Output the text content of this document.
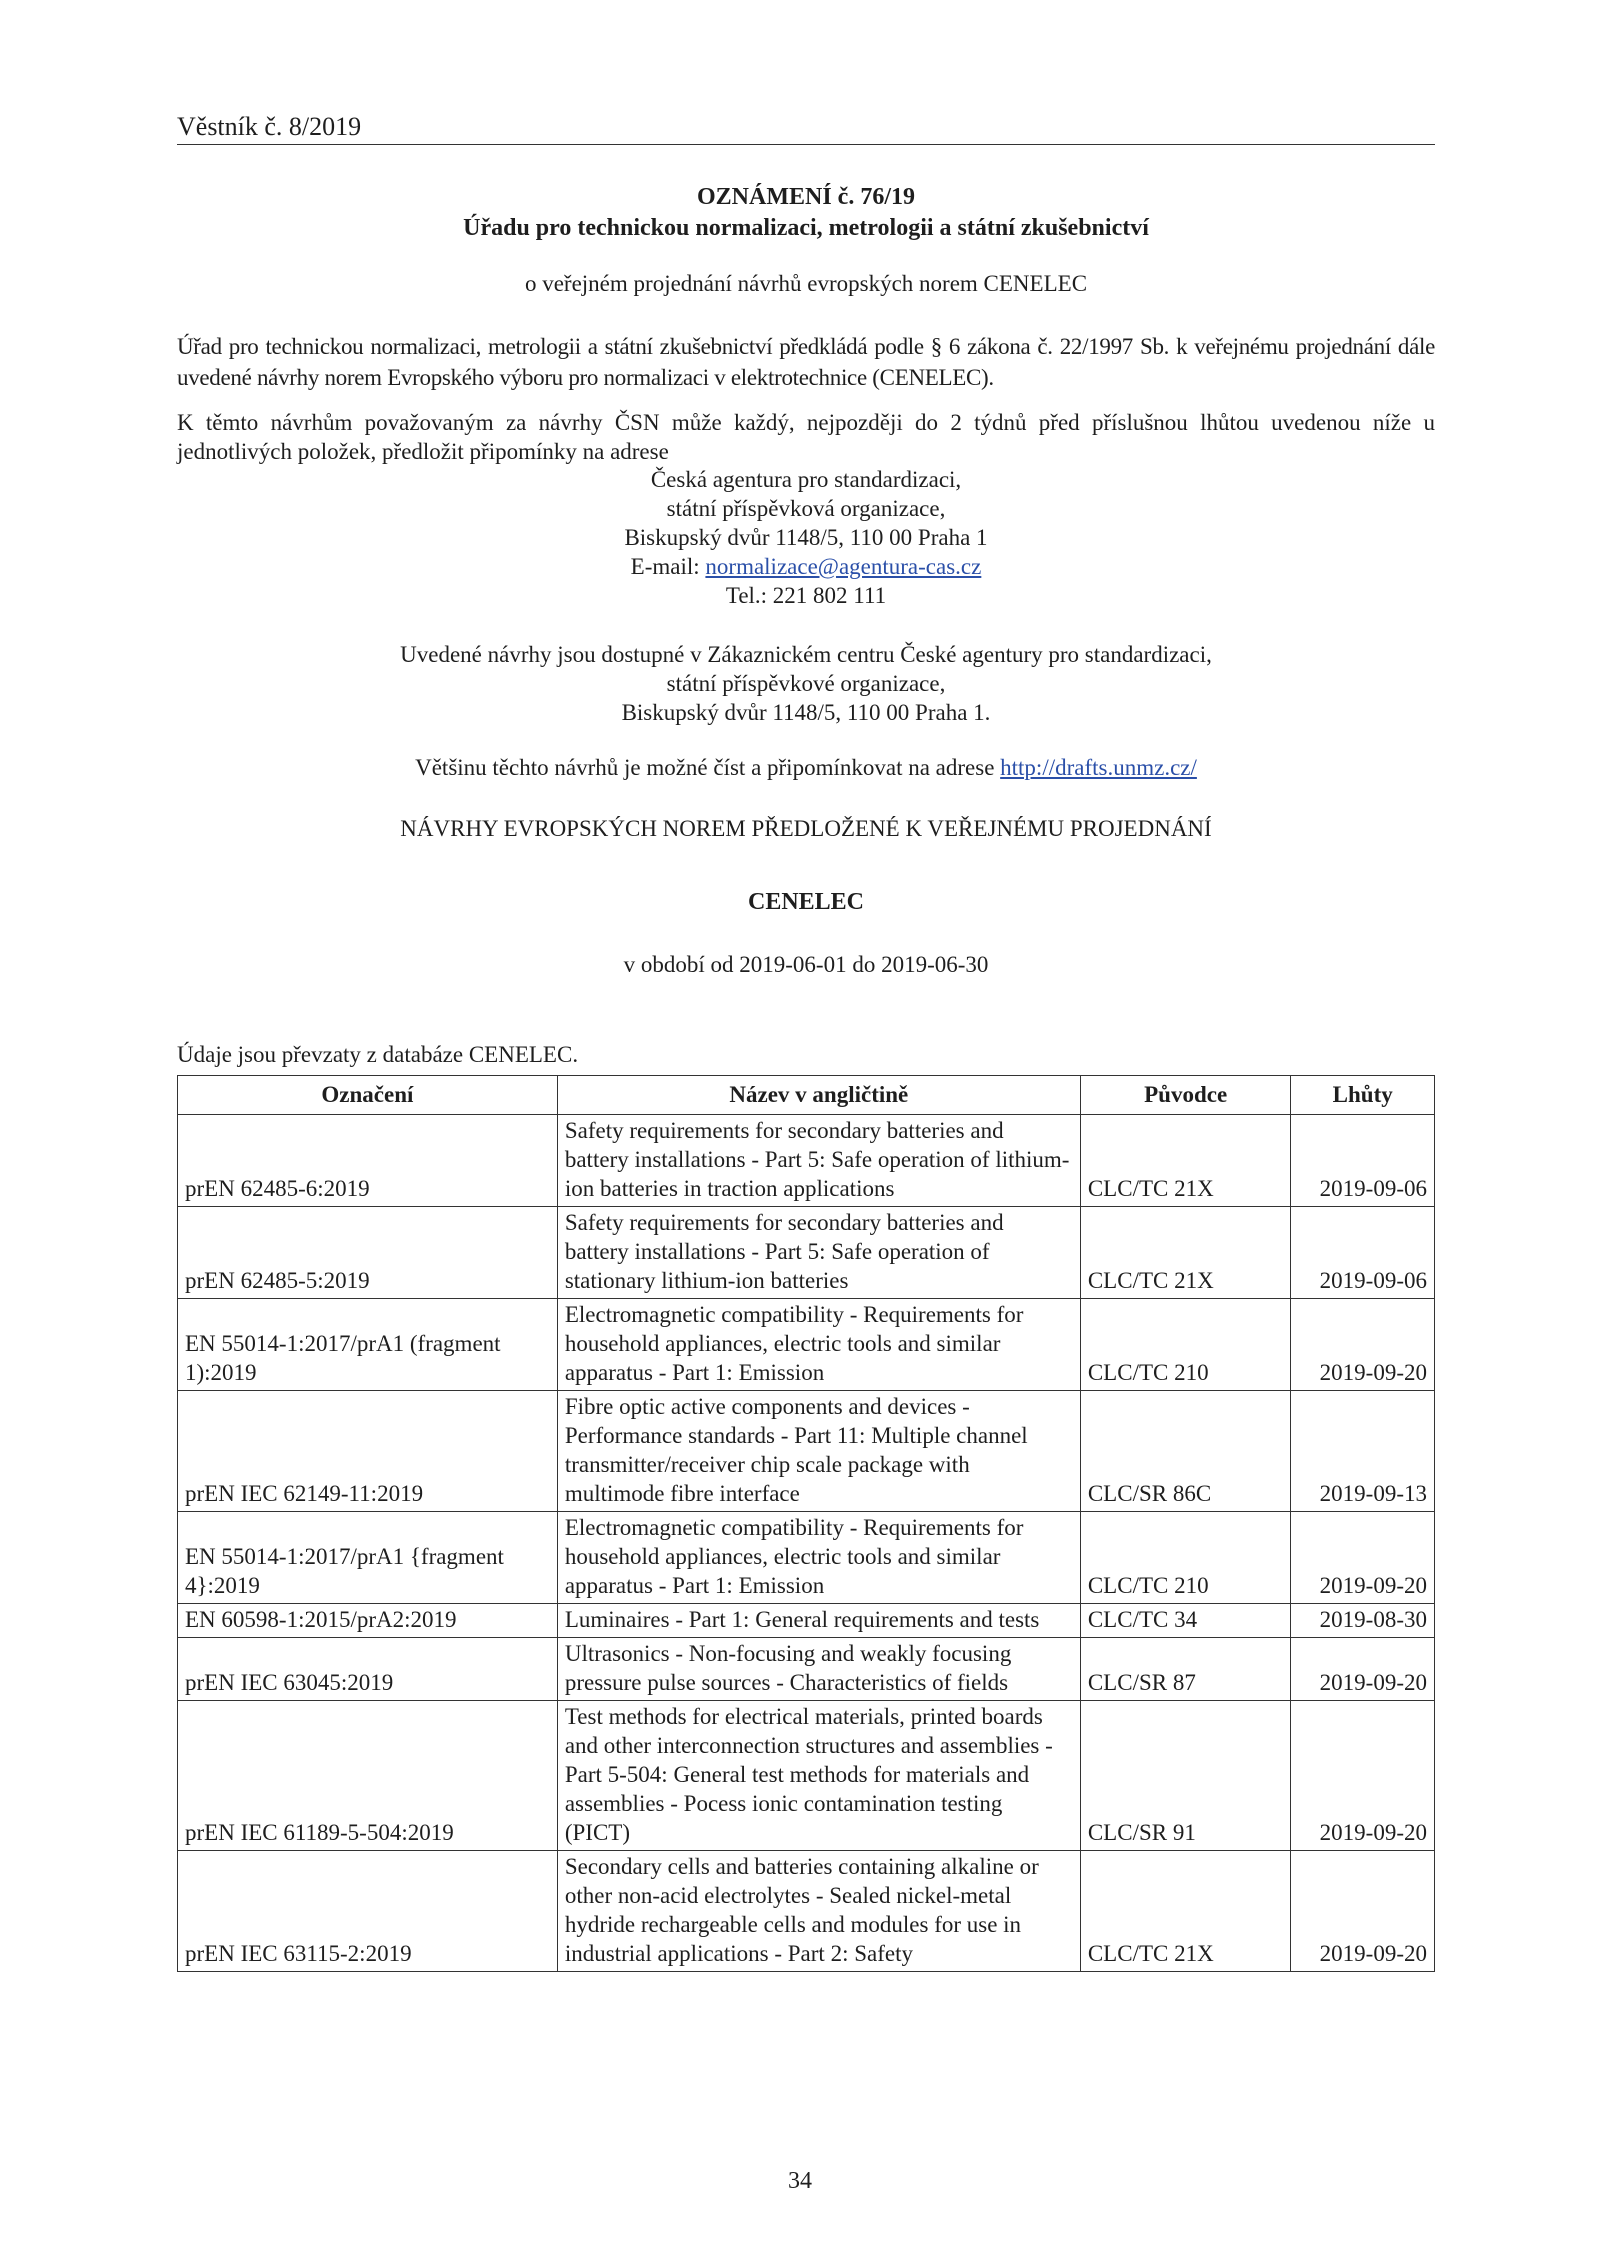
Věstník č. 8/2019
OZNÁMENÍ č. 76/19
Úřadu pro technickou normalizaci, metrologii a státní zkušebnictví
o veřejném projednání návrhů evropských norem CENELEC
Úřad pro technickou normalizaci, metrologii a státní zkušebnictví předkládá podle § 6 zákona č. 22/1997 Sb. k veřejnému projednání dále uvedené návrhy norem Evropského výboru pro normalizaci v elektrotechnice (CENELEC).
K těmto návrhům považovaným za návrhy ČSN může každý, nejpozději do 2 týdnů před příslušnou lhůtou uvedenou níže u jednotlivých položek, předložit připomínky na adrese
Česká agentura pro standardizaci,
státní příspěvková organizace,
Biskupský dvůr 1148/5, 110 00 Praha 1
E-mail: normalizace@agentura-cas.cz
Tel.: 221 802 111
Uvedené návrhy jsou dostupné v Zákaznickém centru České agentury pro standardizaci,
státní příspěvkové organizace,
Biskupský dvůr 1148/5, 110 00 Praha 1.
Většinu těchto návrhů je možné číst a připomínkovat na adrese http://drafts.unmz.cz/
NÁVRHY EVROPSKÝCH NOREM PŘEDLOŽENÉ K VEŘEJNÉMU PROJEDNÁNÍ
CENELEC
v období od 2019-06-01 do 2019-06-30
Údaje jsou převzaty z databáze CENELEC.
Označení	Název v angličtině	Původce	Lhůty
prEN 62485-6:2019	Safety requirements for secondary batteries and battery installations - Part 5: Safe operation of lithium-ion batteries in traction applications	CLC/TC 21X	2019-09-06
prEN 62485-5:2019	Safety requirements for secondary batteries and battery installations - Part 5: Safe operation of stationary lithium-ion batteries	CLC/TC 21X	2019-09-06
EN 55014-1:2017/prA1 (fragment 1):2019	Electromagnetic compatibility - Requirements for household appliances, electric tools and similar apparatus - Part 1: Emission	CLC/TC 210	2019-09-20
prEN IEC 62149-11:2019	Fibre optic active components and devices - Performance standards - Part 11: Multiple channel transmitter/receiver chip scale package with multimode fibre interface	CLC/SR 86C	2019-09-13
EN 55014-1:2017/prA1 {fragment 4}:2019	Electromagnetic compatibility - Requirements for household appliances, electric tools and similar apparatus - Part 1: Emission	CLC/TC 210	2019-09-20
EN 60598-1:2015/prA2:2019	Luminaires - Part 1: General requirements and tests	CLC/TC 34	2019-08-30
prEN IEC 63045:2019	Ultrasonics - Non-focusing and weakly focusing pressure pulse sources - Characteristics of fields	CLC/SR 87	2019-09-20
prEN IEC 61189-5-504:2019	Test methods for electrical materials, printed boards and other interconnection structures and assemblies - Part 5-504: General test methods for materials and assemblies - Pocess ionic contamination testing (PICT)	CLC/SR 91	2019-09-20
prEN IEC 63115-2:2019	Secondary cells and batteries containing alkaline or other non-acid electrolytes - Sealed nickel-metal hydride rechargeable cells and modules for use in industrial applications - Part 2: Safety	CLC/TC 21X	2019-09-20
34
